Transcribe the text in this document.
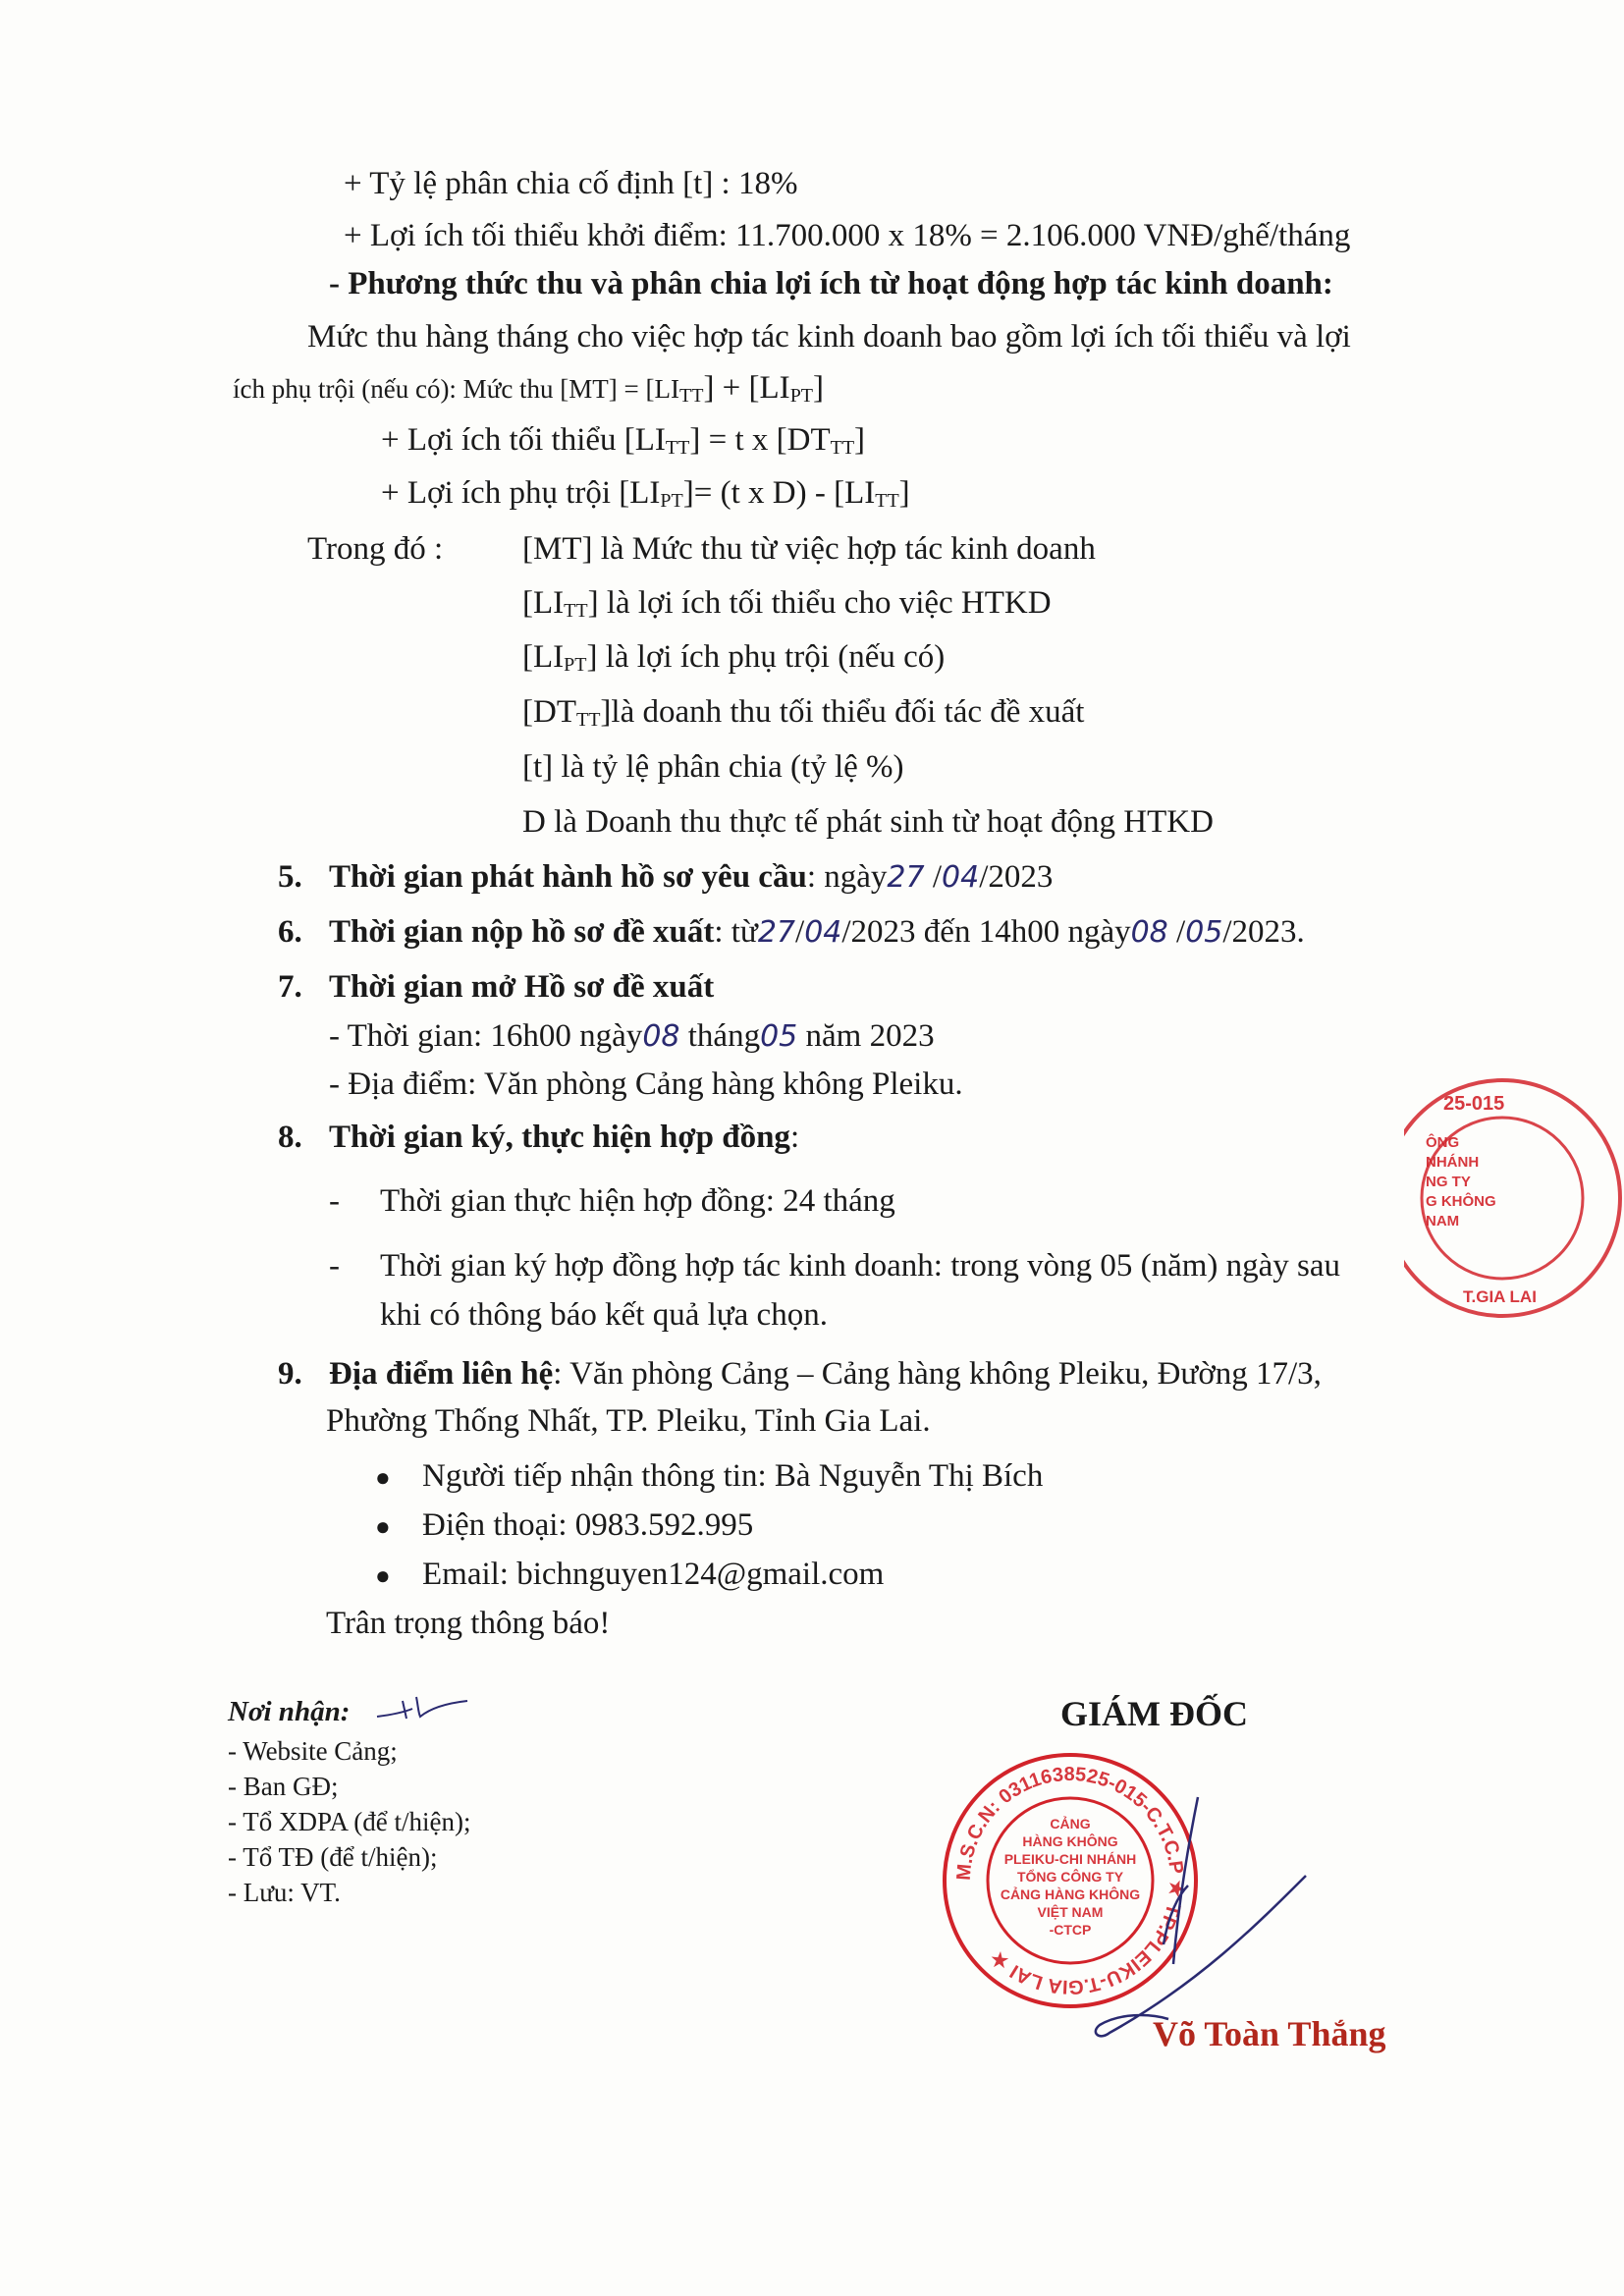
+ Tỷ lệ phân chia cố định [t] : 18%
+ Lợi ích tối thiểu khởi điểm: 11.700.000 x 18% = 2.106.000 VNĐ/ghế/tháng
- Phương thức thu và phân chia lợi ích từ hoạt động hợp tác kinh doanh:
Mức thu hàng tháng cho việc hợp tác kinh doanh bao gồm lợi ích tối thiểu và lợi
ích phụ trội (nếu có): Mức thu $[MT] = [LI_{TT}] + [LI_{PT}]$
+ Lợi ích tối thiểu $[LI_{TT}] = t$ x $[DT_{TT}]$
+ Lợi ích phụ trội $[LI_{PT}]= (t$ x $D) - [LI_{TT}]$
Trong đó : [MT] là Mức thu từ việc hợp tác kinh doanh
$[LI_{TT}]$ là lợi ích tối thiểu cho việc HTKD
$[LI_{PT}]$ là lợi ích phụ trội (nếu có)
$[DT_{TT}]là$ doanh thu tối thiểu đối tác đề xuất
[t] là tỷ lệ phân chia (tỷ lệ %)
D là Doanh thu thực tế phát sinh từ hoạt động HTKD
5. Thời gian phát hành hồ sơ yêu cầu: ngày27 /04/2023
6. Thời gian nộp hồ sơ đề xuất: từ27/04/2023 đến 14h00 ngày08 /05/2023.
7. Thời gian mở Hồ sơ đề xuất
- Thời gian: 16h00 ngày08 tháng05 năm 2023
- Địa điểm: Văn phòng Cảng hàng không Pleiku.
8. Thời gian ký, thực hiện hợp đồng:
- Thời gian thực hiện hợp đồng: 24 tháng
- Thời gian ký hợp đồng hợp tác kinh doanh: trong vòng 05 (năm) ngày sau
khi có thông báo kết quả lựa chọn.
9. Địa điểm liên hệ: Văn phòng Cảng – Cảng hàng không Pleiku, Đường 17/3,
Phường Thống Nhất, TP. Pleiku, Tỉnh Gia Lai.
● Người tiếp nhận thông tin: Bà Nguyễn Thị Bích
● Điện thoại: 0983.592.995
● Email: bichnguyen124@gmail.com
Trân trọng thông báo!
Nơi nhận:
- Website Cảng;
- Ban GĐ;
- Tổ XDPA (để t/hiện);
- Tổ TĐ (để t/hiện);
- Lưu: VT.
GIÁM ĐỐC
M.S.C.N: 0311638525-015-C.T.C.P ★ TP.PLEIKU-T.GIA LAI ★
CẢNG
HÀNG KHÔNG
PLEIKU-CHI NHÁNH
TỔNG CÔNG TY
CẢNG HÀNG KHÔNG
VIỆT NAM
-CTCP
Võ Toàn Thắng
25-015
ÔNG
NHÁNH
NG TY
G KHÔNG
NAM
T.GIA LAI
